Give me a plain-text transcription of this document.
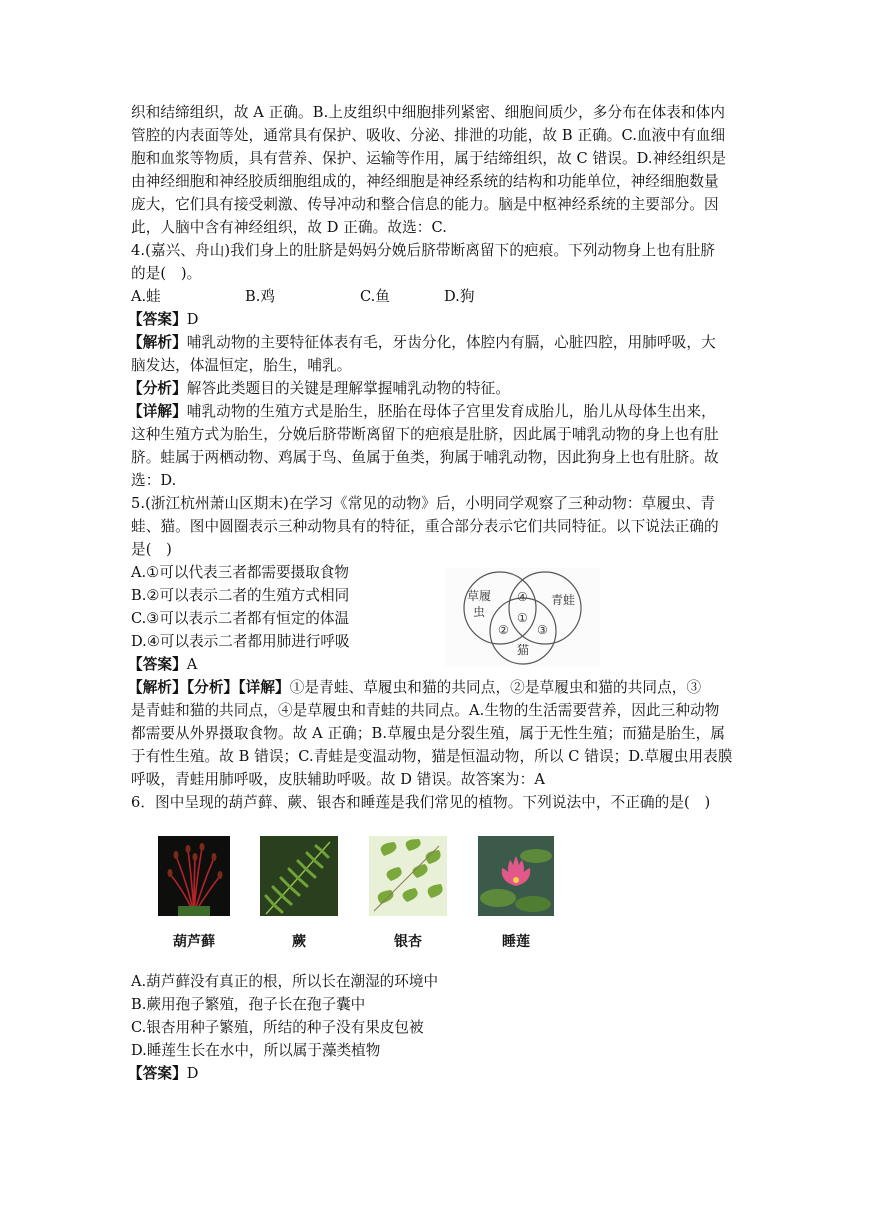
织和结缔组织，故 A 正确。B.上皮组织中细胞排列紧密、细胞间质少，多分布在体表和体内
管腔的内表面等处，通常具有保护、吸收、分泌、排泄的功能，故 B 正确。C.血液中有血细
胞和血浆等物质，具有营养、保护、运输等作用，属于结缔组织，故 C 错误。D.神经组织是
由神经细胞和神经胶质细胞组成的，神经细胞是神经系统的结构和功能单位，神经细胞数量
庞大，它们具有接受刺激、传导冲动和整合信息的能力。脑是中枢神经系统的主要部分。因
此，人脑中含有神经组织，故 D 正确。故选：C.
4.(嘉兴、舟山)我们身上的肚脐是妈妈分娩后脐带断离留下的疤痕。下列动物身上也有肚脐
的是(　)。
A.蛙	B.鸡	C.鱼	D.狗
【答案】D
【解析】哺乳动物的主要特征体表有毛，牙齿分化，体腔内有膈，心脏四腔，用肺呼吸，大
脑发达，体温恒定，胎生，哺乳。
【分析】解答此类题目的关键是理解掌握哺乳动物的特征。
【详解】哺乳动物的生殖方式是胎生，胚胎在母体子宫里发育成胎儿，胎儿从母体生出来，
这种生殖方式为胎生，分娩后脐带断离留下的疤痕是肚脐，因此属于哺乳动物的身上也有肚
脐。蛙属于两栖动物、鸡属于鸟、鱼属于鱼类，狗属于哺乳动物，因此狗身上也有肚脐。故
选：D.
5.(浙江杭州萧山区期末)在学习《常见的动物》后，小明同学观察了三种动物：草履虫、青
蛙、猫。图中圆圈表示三种动物具有的特征，重合部分表示它们共同特征。以下说法正确的
是(　)
A.①可以代表三者都需要摄取食物
B.②可以表示二者的生殖方式相同
C.③可以表示二者都有恒定的体温
D.④可以表示二者都用肺进行呼吸
草履
虫
青蛙
猫
④
①
② ③
【答案】A
【解析】【分析】【详解】①是青蛙、草履虫和猫的共同点，②是草履虫和猫的共同点，③
是青蛙和猫的共同点，④是草履虫和青蛙的共同点。A.生物的生活需要营养，因此三种动物
都需要从外界摄取食物。故 A 正确；B.草履虫是分裂生殖，属于无性生殖；而猫是胎生，属
于有性生殖。故 B 错误；C.青蛙是变温动物，猫是恒温动物，所以 C 错误；D.草履虫用表膜
呼吸，青蛙用肺呼吸，皮肤辅助呼吸。故 D 错误。故答案为：A
6．图中呈现的葫芦藓、蕨、银杏和睡莲是我们常见的植物。下列说法中，不正确的是(　)
葫芦藓	蕨	银杏	睡莲
A.葫芦藓没有真正的根，所以长在潮湿的环境中
B.蕨用孢子繁殖，孢子长在孢子囊中
C.银杏用种子繁殖，所结的种子没有果皮包被
D.睡莲生长在水中，所以属于藻类植物
【答案】D
